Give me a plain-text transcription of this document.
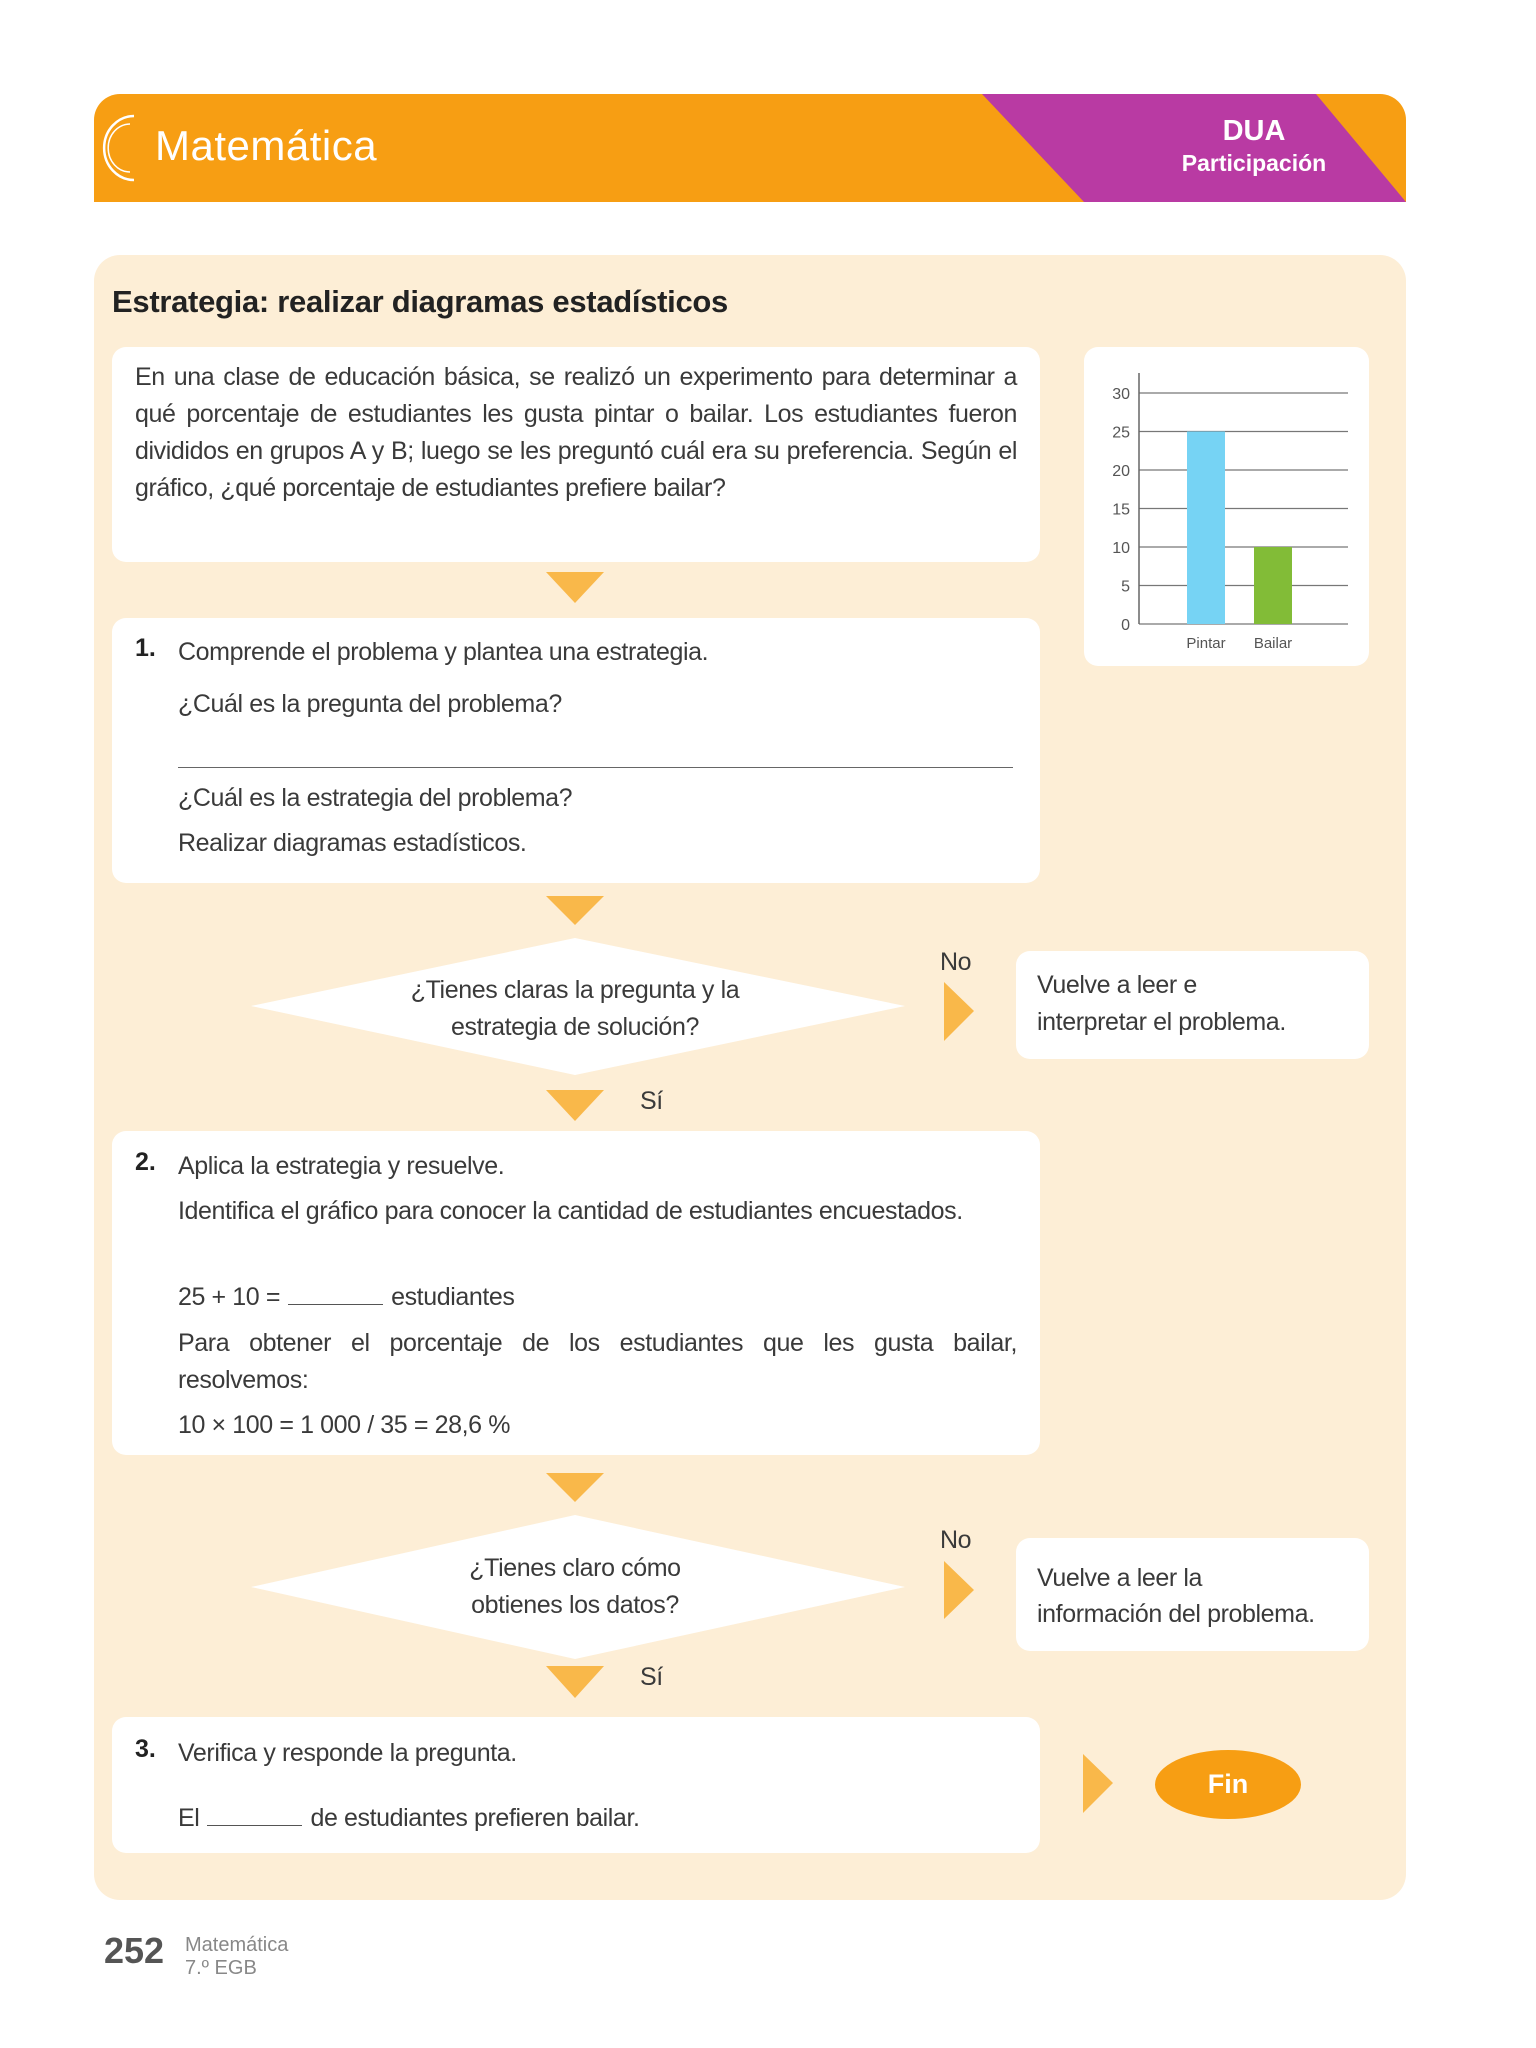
Matemática	DUA
Participación
Estrategia: realizar diagramas estadísticos
En una clase de educación básica, se realizó un experimento para determinar a qué porcentaje de estudiantes les gusta pintar o bailar. Los estudiantes fueron divididos en grupos A y B; luego se les preguntó cuál era su preferencia. Según el gráfico, ¿qué porcentaje de estudiantes prefiere bailar?
0
5
10
15
20
25
30
Pintar Bailar
1. Comprende el problema y plantea una estrategia.
¿Cuál es la pregunta del problema?
¿Cuál es la estrategia del problema?
Realizar diagramas estadísticos.
¿Tienes claras la pregunta y la
estrategia de solución?
No
Sí
Vuelve a leer e
interpretar el problema.
2. Aplica la estrategia y resuelve.
Identifica el gráfico para conocer la cantidad de estudiantes encuestados.
25 + 10 =	estudiantes
Para obtener el porcentaje de los estudiantes que les gusta bailar, resolvemos:
10 × 100 = 1 000 / 35 = 28,6 %
¿Tienes claro cómo
obtienes los datos?
No
Sí
Vuelve a leer la
información del problema.
3. Verifica y responde la pregunta.
El	de estudiantes prefieren bailar.
Fin
252 Matemática
7.º EGB
